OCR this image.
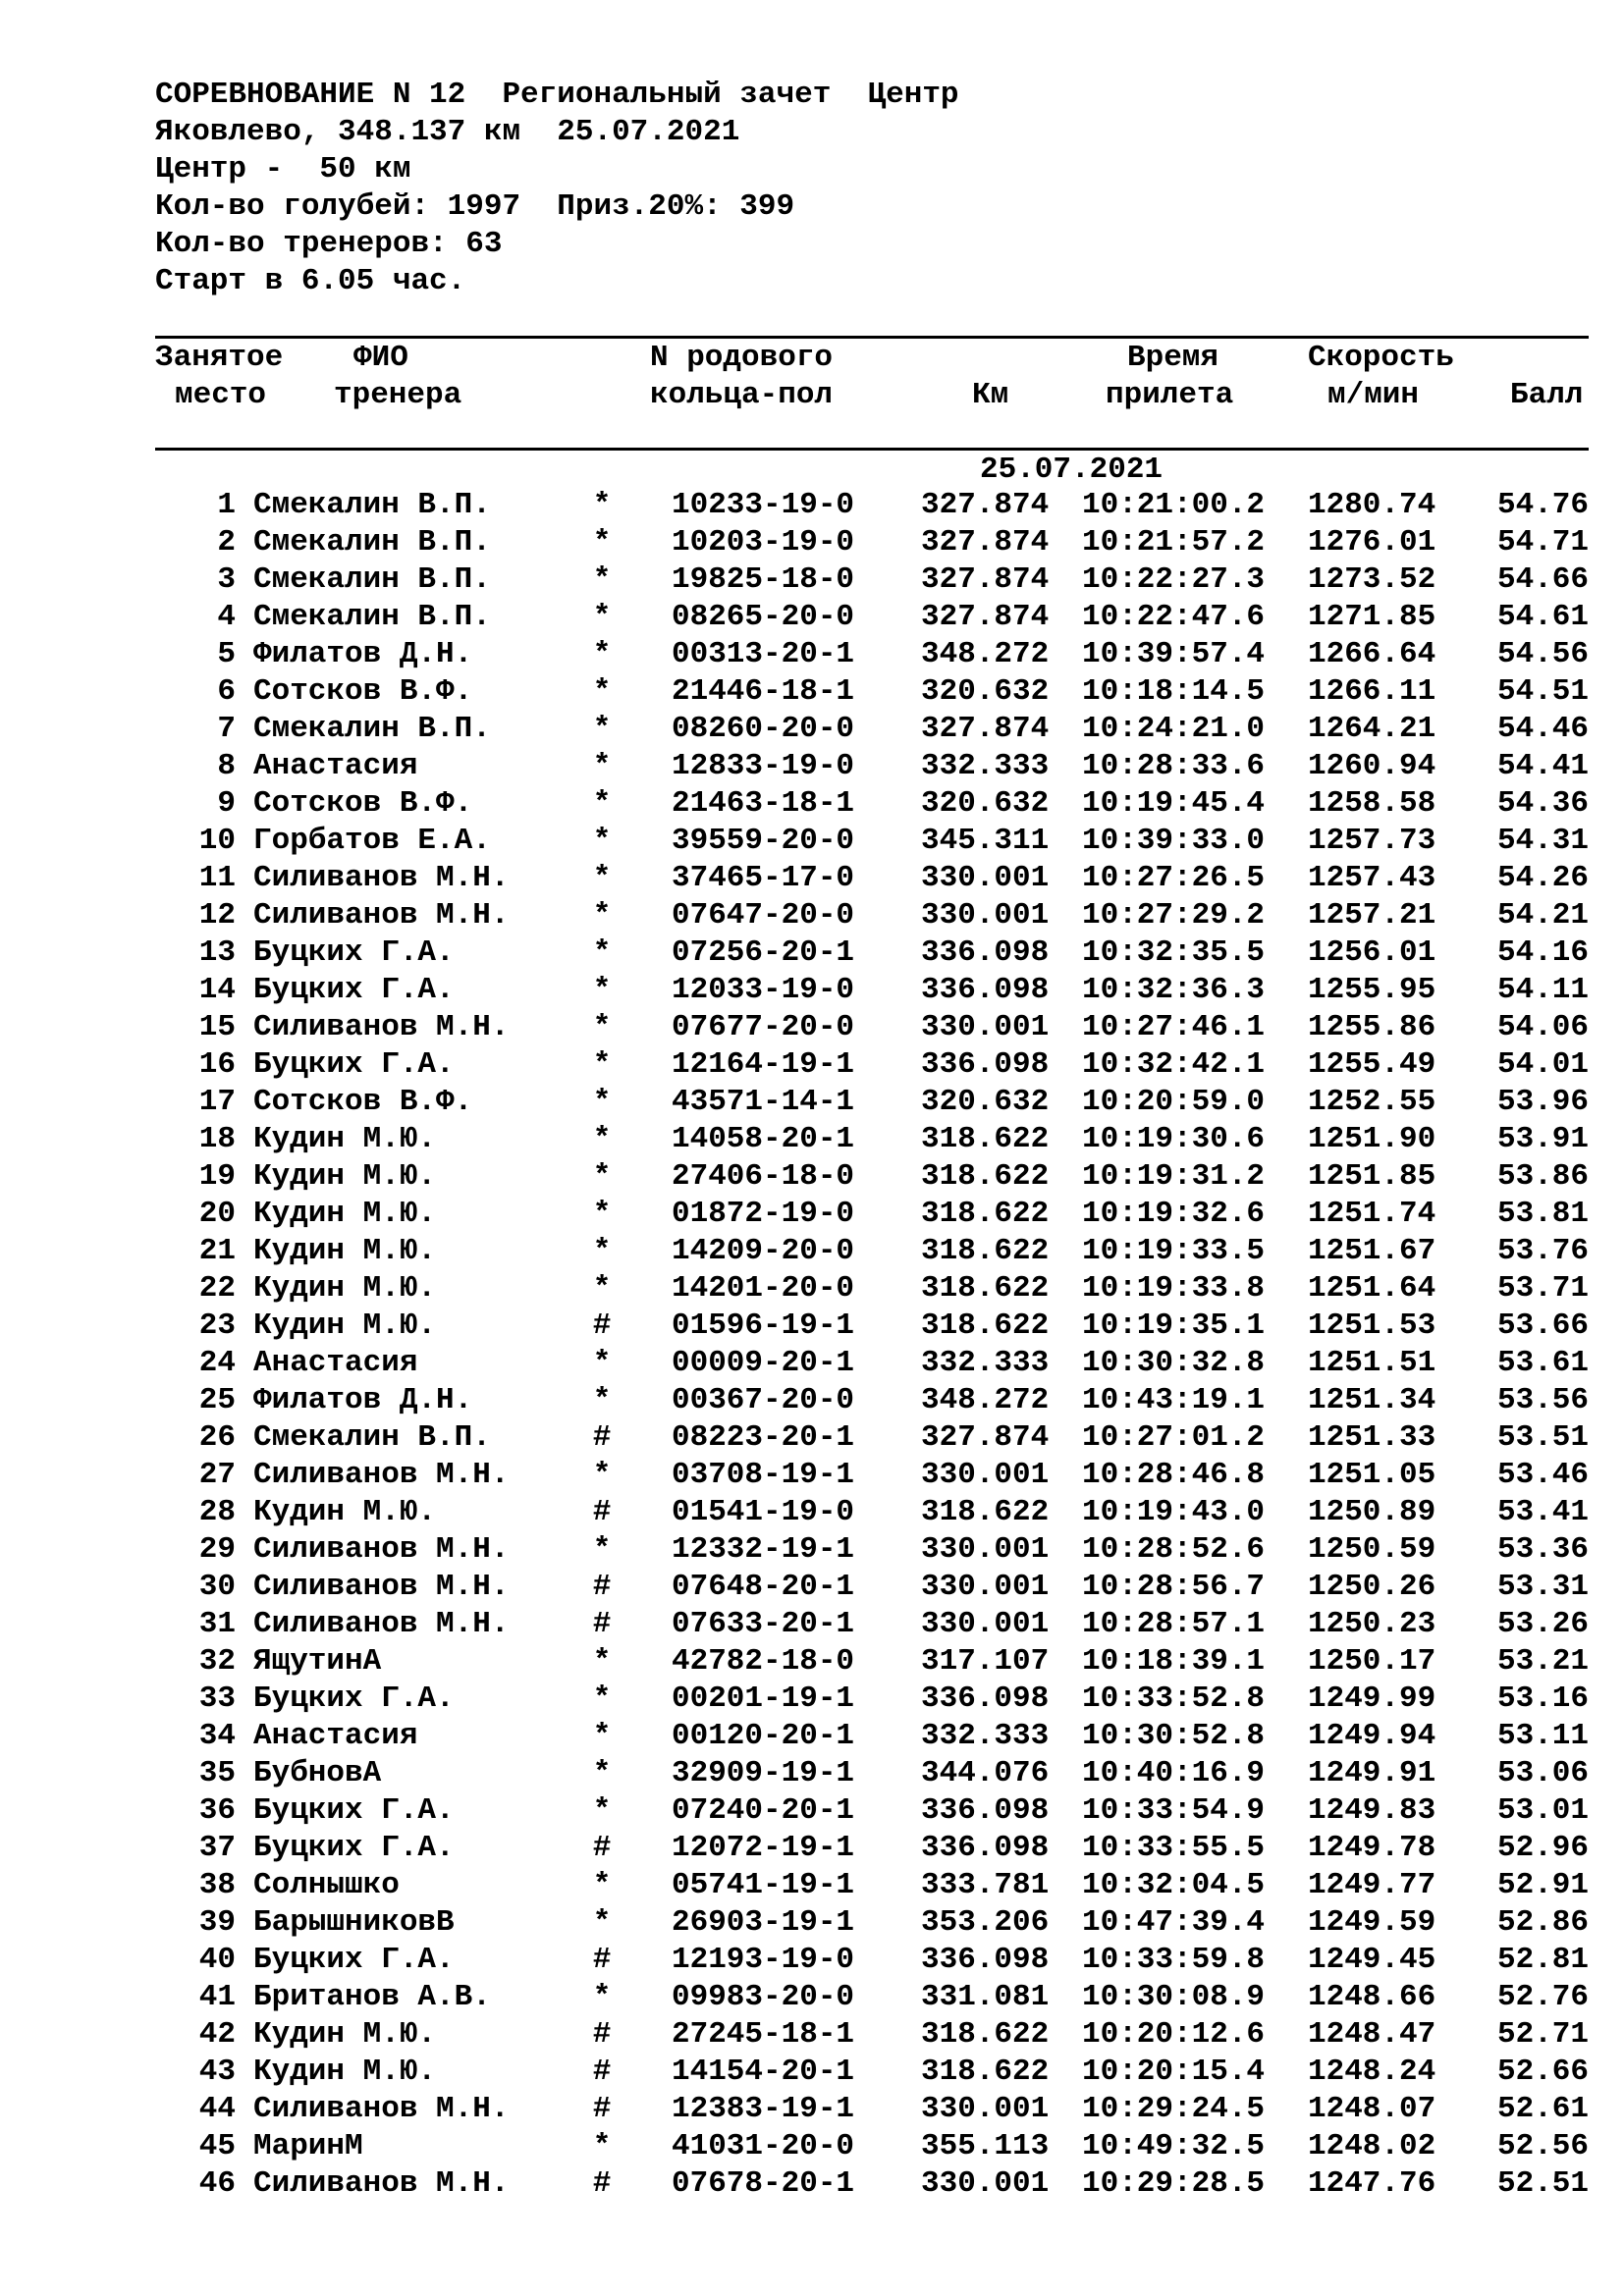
СОРЕВНОВАНИЕ N 12  Региональный зачет  Центр
Яковлево, 348.137 км  25.07.2021
Центр -  50 км
Кол-во голубей: 1997  Приз.20%: 399
Кол-во тренеров: 63
Старт в 6.05 час.
Занятое ФИО	N родового	Время	Скорость
место тренера	кольца-пол	Км	прилета	м/мин	Балл
25.07.2021
1 Смекалин В.П.	* 10233-19-0 327.874 10:21:00.2 1280.74	54.76
2 Смекалин В.П.	* 10203-19-0 327.874 10:21:57.2 1276.01	54.71
3 Смекалин В.П.	* 19825-18-0 327.874 10:22:27.3 1273.52	54.66
4 Смекалин В.П.	* 08265-20-0 327.874 10:22:47.6 1271.85	54.61
5 Филатов Д.Н.	* 00313-20-1 348.272 10:39:57.4 1266.64	54.56
6 Сотсков В.Ф.	* 21446-18-1 320.632 10:18:14.5 1266.11	54.51
7 Смекалин В.П.	* 08260-20-0 327.874 10:24:21.0 1264.21	54.46
8 Анастасия	* 12833-19-0 332.333 10:28:33.6 1260.94	54.41
9 Сотсков В.Ф.	* 21463-18-1 320.632 10:19:45.4 1258.58	54.36
10 Горбатов Е.А.	* 39559-20-0 345.311 10:39:33.0 1257.73	54.31
11 Силиванов М.Н.	* 37465-17-0 330.001 10:27:26.5 1257.43	54.26
12 Силиванов М.Н.	* 07647-20-0 330.001 10:27:29.2 1257.21	54.21
13 Буцких Г.А.	* 07256-20-1 336.098 10:32:35.5 1256.01	54.16
14 Буцких Г.А.	* 12033-19-0 336.098 10:32:36.3 1255.95	54.11
15 Силиванов М.Н.	* 07677-20-0 330.001 10:27:46.1 1255.86	54.06
16 Буцких Г.А.	* 12164-19-1 336.098 10:32:42.1 1255.49	54.01
17 Сотсков В.Ф.	* 43571-14-1 320.632 10:20:59.0 1252.55	53.96
18 Кудин М.Ю.	* 14058-20-1 318.622 10:19:30.6 1251.90	53.91
19 Кудин М.Ю.	* 27406-18-0 318.622 10:19:31.2 1251.85	53.86
20 Кудин М.Ю.	* 01872-19-0 318.622 10:19:32.6 1251.74	53.81
21 Кудин М.Ю.	* 14209-20-0 318.622 10:19:33.5 1251.67	53.76
22 Кудин М.Ю.	* 14201-20-0 318.622 10:19:33.8 1251.64	53.71
23 Кудин М.Ю.	# 01596-19-1 318.622 10:19:35.1 1251.53	53.66
24 Анастасия	* 00009-20-1 332.333 10:30:32.8 1251.51	53.61
25 Филатов Д.Н.	* 00367-20-0 348.272 10:43:19.1 1251.34	53.56
26 Смекалин В.П.	# 08223-20-1 327.874 10:27:01.2 1251.33	53.51
27 Силиванов М.Н.	* 03708-19-1 330.001 10:28:46.8 1251.05	53.46
28 Кудин М.Ю.	# 01541-19-0 318.622 10:19:43.0 1250.89	53.41
29 Силиванов М.Н.	* 12332-19-1 330.001 10:28:52.6 1250.59	53.36
30 Силиванов М.Н.	# 07648-20-1 330.001 10:28:56.7 1250.26	53.31
31 Силиванов М.Н.	# 07633-20-1 330.001 10:28:57.1 1250.23	53.26
32 ЯщутинА	* 42782-18-0 317.107 10:18:39.1 1250.17	53.21
33 Буцких Г.А.	* 00201-19-1 336.098 10:33:52.8 1249.99	53.16
34 Анастасия	* 00120-20-1 332.333 10:30:52.8 1249.94	53.11
35 БубновА	* 32909-19-1 344.076 10:40:16.9 1249.91	53.06
36 Буцких Г.А.	* 07240-20-1 336.098 10:33:54.9 1249.83	53.01
37 Буцких Г.А.	# 12072-19-1 336.098 10:33:55.5 1249.78	52.96
38 Солнышко	* 05741-19-1 333.781 10:32:04.5 1249.77	52.91
39 БарышниковВ	* 26903-19-1 353.206 10:47:39.4 1249.59	52.86
40 Буцких Г.А.	# 12193-19-0 336.098 10:33:59.8 1249.45	52.81
41 Британов А.В.	* 09983-20-0 331.081 10:30:08.9 1248.66	52.76
42 Кудин М.Ю.	# 27245-18-1 318.622 10:20:12.6 1248.47	52.71
43 Кудин М.Ю.	# 14154-20-1 318.622 10:20:15.4 1248.24	52.66
44 Силиванов М.Н.	# 12383-19-1 330.001 10:29:24.5 1248.07	52.61
45 МаринМ	* 41031-20-0 355.113 10:49:32.5 1248.02	52.56
46 Силиванов М.Н.	# 07678-20-1 330.001 10:29:28.5 1247.76	52.51
